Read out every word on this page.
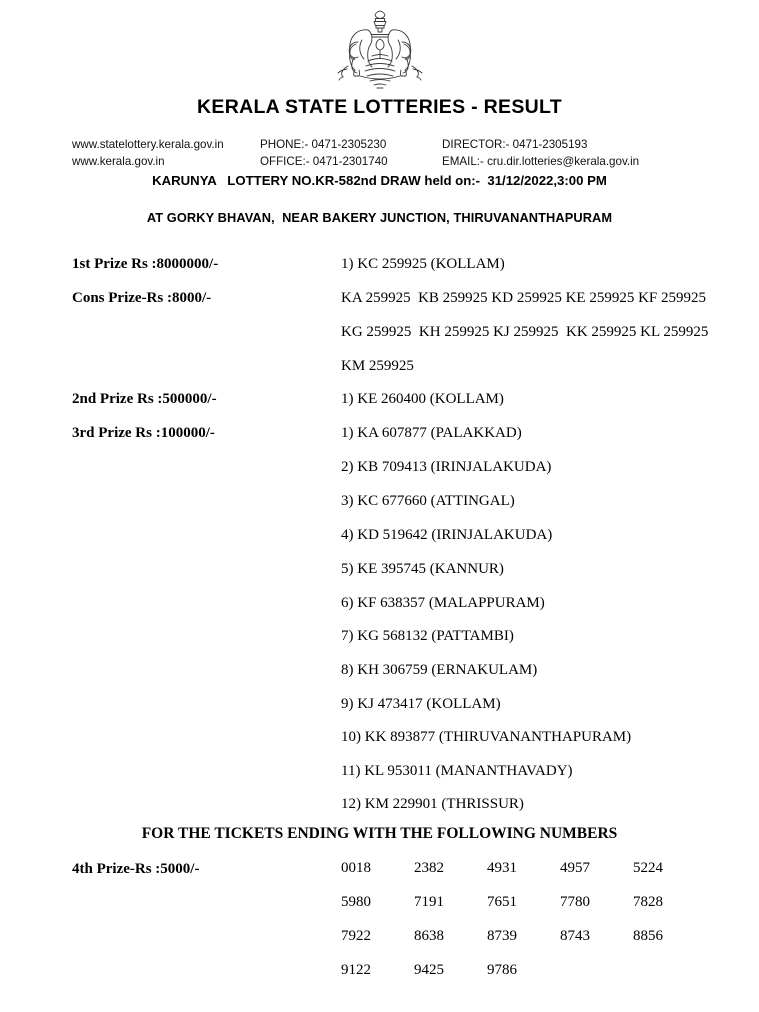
KERALA STATE LOTTERIES - RESULT
www.statelottery.kerala.gov.in	PHONE:- 0471-2305230	DIRECTOR:- 0471-2305193
www.kerala.gov.in	OFFICE:- 0471-2301740	EMAIL:- cru.dir.lotteries@kerala.gov.in
KARUNYA   LOTTERY NO.KR-582nd DRAW held on:-  31/12/2022,3:00 PM
AT GORKY BHAVAN,  NEAR BAKERY JUNCTION, THIRUVANANTHAPURAM
1st Prize Rs :8000000/-	1) KC 259925 (KOLLAM)
Cons Prize-Rs :8000/-	KA 259925  KB 259925 KD 259925 KE 259925 KF 259925
KG 259925  KH 259925 KJ 259925  KK 259925 KL 259925
KM 259925
2nd Prize Rs :500000/-	1) KE 260400 (KOLLAM)
3rd Prize Rs :100000/-	1) KA 607877 (PALAKKAD)
2) KB 709413 (IRINJALAKUDA)
3) KC 677660 (ATTINGAL)
4) KD 519642 (IRINJALAKUDA)
5) KE 395745 (KANNUR)
6) KF 638357 (MALAPPURAM)
7) KG 568132 (PATTAMBI)
8) KH 306759 (ERNAKULAM)
9) KJ 473417 (KOLLAM)
10) KK 893877 (THIRUVANANTHAPURAM)
11) KL 953011 (MANANTHAVADY)
12) KM 229901 (THRISSUR)
FOR THE TICKETS ENDING WITH THE FOLLOWING NUMBERS
4th Prize-Rs :5000/-	0018	2382	4931	4957	5224
5980	7191	7651	7780	7828
7922	8638	8739	8743	8856
9122	9425	9786
